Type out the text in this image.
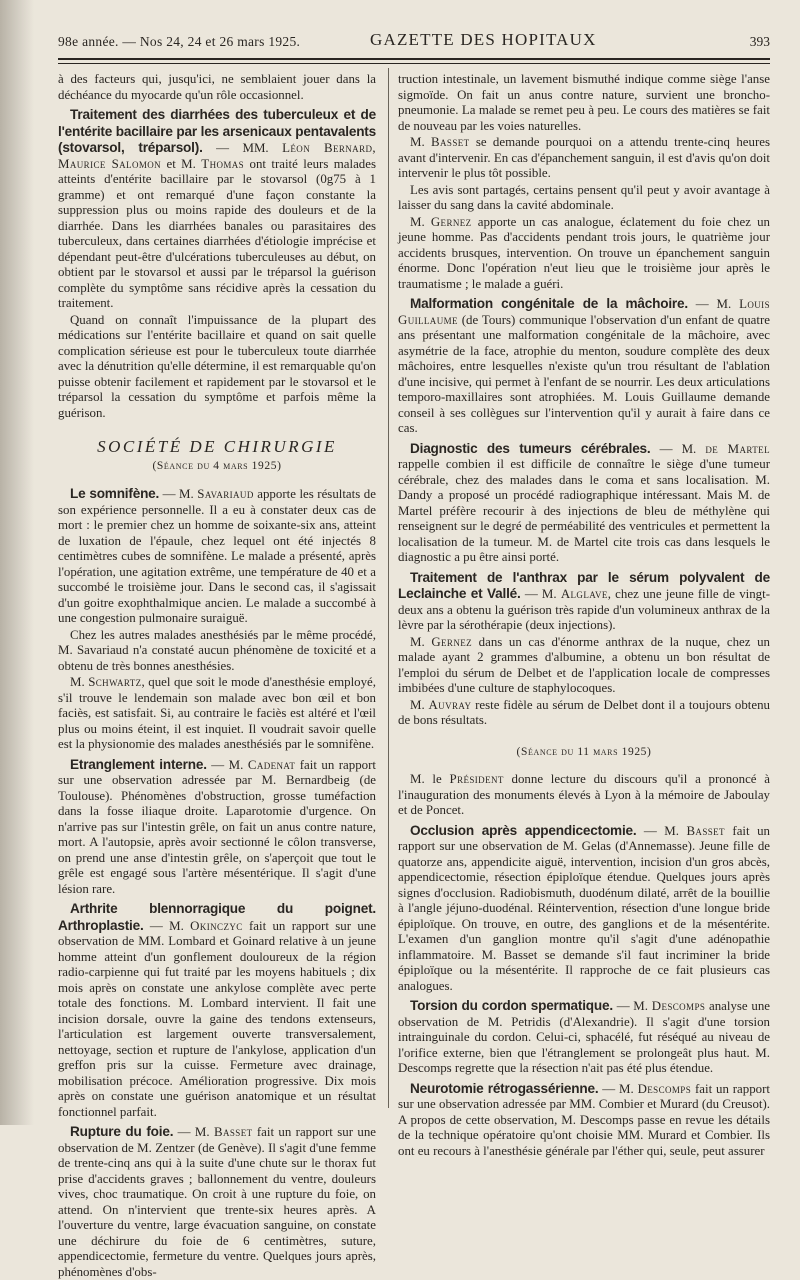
98e année. — Nos 24, 24 et 26 mars 1925.	GAZETTE DES HOPITAUX	393

à des facteurs qui, jusqu'ici, ne semblaient jouer dans la déchéance du myocarde qu'un rôle occasionnel.

Traitement des diarrhées des tuberculeux et de l'entérite bacillaire par les arsenicaux pentavalents (stovarsol, tréparsol). — MM. Léon Bernard, Maurice Salomon et M. Thomas ont traité leurs malades atteints d'entérite bacillaire par le stovarsol (0g75 à 1 gramme) et ont remarqué d'une façon constante la suppression plus ou moins rapide des douleurs et de la diarrhée. Dans les diarrhées banales ou parasitaires des tuberculeux, dans certaines diarrhées d'étiologie imprécise et dépendant peut-être d'ulcérations tuberculeuses au début, on obtient par le stovarsol et aussi par le tréparsol la guérison complète du symptôme sans récidive après la cessation du traitement.

Quand on connaît l'impuissance de la plupart des médications sur l'entérite bacillaire et quand on sait quelle complication sérieuse est pour le tuberculeux toute diarrhée avec la dénutrition qu'elle détermine, il est remarquable qu'on puisse obtenir facilement et rapidement par le stovarsol et le tréparsol la cessation du symptôme et parfois même la guérison.

SOCIÉTÉ DE CHIRURGIE
(Séance du 4 mars 1925)

Le somnifène. — M. Savariaud apporte les résultats de son expérience personnelle. Il a eu à constater deux cas de mort : le premier chez un homme de soixante-six ans, atteint de luxation de l'épaule, chez lequel ont été injectés 8 centimètres cubes de somnifène. Le malade a présenté, après l'opération, une agitation extrême, une température de 40 et a succombé le troisième jour. Dans le second cas, il s'agissait d'un goitre exophthalmique ancien. Le malade a succombé à une congestion pulmonaire suraiguë.

Chez les autres malades anesthésiés par le même procédé, M. Savariaud n'a constaté aucun phénomène de toxicité et a obtenu de très bonnes anesthésies.

M. Schwartz, quel que soit le mode d'anesthésie employé, s'il trouve le lendemain son malade avec bon œil et bon faciès, est satisfait. Si, au contraire le faciès est altéré et l'œil plus ou moins éteint, il est inquiet. Il voudrait savoir quelle est la physionomie des malades anesthésiés par le somnifène.

Etranglement interne. — M. Cadenat fait un rapport sur une observation adressée par M. Bernardbeig (de Toulouse). Phénomènes d'obstruction, grosse tuméfaction dans la fosse iliaque droite. Laparotomie d'urgence. On n'arrive pas sur l'intestin grêle, on fait un anus contre nature, mort. A l'autopsie, après avoir sectionné le côlon transverse, on prend une anse d'intestin grêle, on s'aperçoit que tout le grêle est engagé sous l'artère mésentérique. Il s'agit d'une lésion rare.

Arthrite blennorragique du poignet. Arthroplastie. — M. Okinczyc fait un rapport sur une observation de MM. Lombard et Goinard relative à un jeune homme atteint d'un gonflement douloureux de la région radio-carpienne qui fut traité par les moyens habituels ; dix mois après on constate une ankylose complète avec perte totale des fonctions. M. Lombard intervient. Il fait une incision dorsale, ouvre la gaine des tendons extenseurs, l'articulation est largement ouverte transversalement, nettoyage, section et rupture de l'ankylose, application d'un greffon pris sur la cuisse. Fermeture avec drainage, mobilisation précoce. Amélioration progressive. Dix mois après on constate une guérison anatomique et un résultat fonctionnel parfait.

Rupture du foie. — M. Basset fait un rapport sur une observation de M. Zentzer (de Genève). Il s'agit d'une femme de trente-cinq ans qui à la suite d'une chute sur le thorax fut prise d'accidents graves ; ballonnement du ventre, douleurs vives, choc traumatique. On croit à une rupture du foie, on attend. On n'intervient que trente-six heures après. A l'ouverture du ventre, large évacuation sanguine, on constate une déchirure du foie de 6 centimètres, suture, appendicectomie, fermeture du ventre. Quelques jours après, phénomènes d'obs-

truction intestinale, un lavement bismuthé indique comme siège l'anse sigmoïde. On fait un anus contre nature, survient une broncho-pneumonie. La malade se remet peu à peu. Le cours des matières se fait de nouveau par les voies naturelles.

M. Basset se demande pourquoi on a attendu trente-cinq heures avant d'intervenir. En cas d'épanchement sanguin, il est d'avis qu'on doit intervenir le plus tôt possible.

Les avis sont partagés, certains pensent qu'il peut y avoir avantage à laisser du sang dans la cavité abdominale.

M. Gernez apporte un cas analogue, éclatement du foie chez un jeune homme. Pas d'accidents pendant trois jours, le quatrième jour accidents brusques, intervention. On trouve un épanchement sanguin énorme. Donc l'opération n'eut lieu que le troisième jour après le traumatisme ; le malade a guéri.

Malformation congénitale de la mâchoire. — M. Louis Guillaume (de Tours) communique l'observation d'un enfant de quatre ans présentant une malformation congénitale de la mâchoire, avec asymétrie de la face, atrophie du menton, soudure complète des deux mâchoires, entre lesquelles n'existe qu'un trou résultant de l'ablation d'une incisive, qui permet à l'enfant de se nourrir. Les deux articulations temporo-maxillaires sont atrophiées. M. Louis Guillaume demande conseil à ses collègues sur l'intervention qu'il y aurait à faire dans ce cas.

Diagnostic des tumeurs cérébrales. — M. de Martel rappelle combien il est difficile de connaître le siège d'une tumeur cérébrale, chez des malades dans le coma et sans localisation. M. Dandy a proposé un procédé radiographique intéressant. Mais M. de Martel préfère recourir à des injections de bleu de méthylène qui renseignent sur le degré de perméabilité des ventricules et permettent la localisation de la tumeur. M. de Martel cite trois cas dans lesquels le diagnostic a pu être ainsi porté.

Traitement de l'anthrax par le sérum polyvalent de Leclainche et Vallé. — M. Alglave, chez une jeune fille de vingt-deux ans a obtenu la guérison très rapide d'un volumineux anthrax de la lèvre par la sérothérapie (deux injections).

M. Gernez dans un cas d'énorme anthrax de la nuque, chez un malade ayant 2 grammes d'albumine, a obtenu un bon résultat de l'emploi du sérum de Delbet et de l'application locale de compresses imbibées d'une culture de staphylocoques.

M. Auvray reste fidèle au sérum de Delbet dont il a toujours obtenu de bons résultats.

(Séance du 11 mars 1925)

M. le Président donne lecture du discours qu'il a prononcé à l'inauguration des monuments élevés à Lyon à la mémoire de Jaboulay et de Poncet.

Occlusion après appendicectomie. — M. Basset fait un rapport sur une observation de M. Gelas (d'Annemasse). Jeune fille de quatorze ans, appendicite aiguë, intervention, incision d'un gros abcès, appendicectomie, résection épiploïque étendue. Quelques jours après signes d'occlusion. Radiobismuth, duodénum dilaté, arrêt de la bouillie à l'angle jéjuno-duodénal. Réintervention, résection d'une longue bride épiploïque. On trouve, en outre, des ganglions et de la mésentérite. L'examen d'un ganglion montre qu'il s'agit d'une adénopathie inflammatoire. M. Basset se demande s'il faut incriminer la bride épiploïque ou la mésentérite. Il rapproche de ce fait plusieurs cas analogues.

Torsion du cordon spermatique. — M. Descomps analyse une observation de M. Petridis (d'Alexandrie). Il s'agit d'une torsion intrainguinale du cordon. Celui-ci, sphacélé, fut réséqué au niveau de l'orifice externe, bien que l'étranglement se prolongeât plus haut. M. Descomps regrette que la résection n'ait pas été plus étendue.

Neurotomie rétrogassérienne. — M. Descomps fait un rapport sur une observation adressée par MM. Combier et Murard (du Creusot). A propos de cette observation, M. Descomps passe en revue les détails de la technique opératoire qu'ont choisie MM. Murard et Combier. Ils ont eu recours à l'anesthésie générale par l'éther qui, seule, peut assurer
